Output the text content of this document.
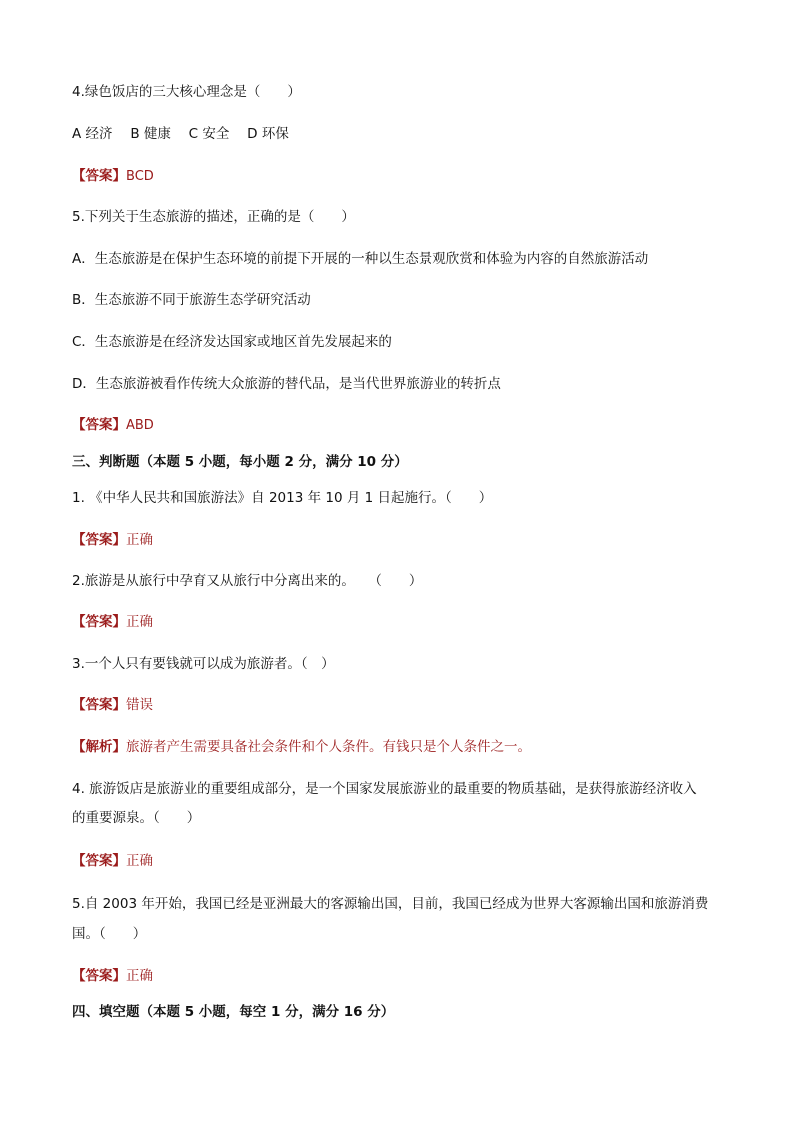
4.绿色饭店的三大核心理念是（　　）
A 经济　 B 健康　 C 安全　 D 环保
【答案】BCD
5.下列关于生态旅游的描述，正确的是（　　）
A．生态旅游是在保护生态环境的前提下开展的一种以生态景观欣赏和体验为内容的自然旅游活动
B．生态旅游不同于旅游生态学研究活动
C．生态旅游是在经济发达国家或地区首先发展起来的
D．生态旅游被看作传统大众旅游的替代品，是当代世界旅游业的转折点
【答案】ABD
三、判断题（本题 5 小题，每小题 2 分，满分 10 分）
1. 《中华人民共和国旅游法》自 2013 年 10 月 1 日起施行。（　　）
【答案】正确
2.旅游是从旅行中孕育又从旅行中分离出来的。　　（　　）
【答案】正确
3.一个人只有要钱就可以成为旅游者。（　）
【答案】错误
【解析】旅游者产生需要具备社会条件和个人条件。有钱只是个人条件之一。
4. 旅游饭店是旅游业的重要组成部分，是一个国家发展旅游业的最重要的物质基础，是获得旅游经济收入
的重要源泉。（　　）
【答案】正确
5.自 2003 年开始，我国已经是亚洲最大的客源输出国，目前，我国已经成为世界大客源输出国和旅游消费
国。（　　）
【答案】正确
四、填空题（本题 5 小题，每空 1 分，满分 16 分）
